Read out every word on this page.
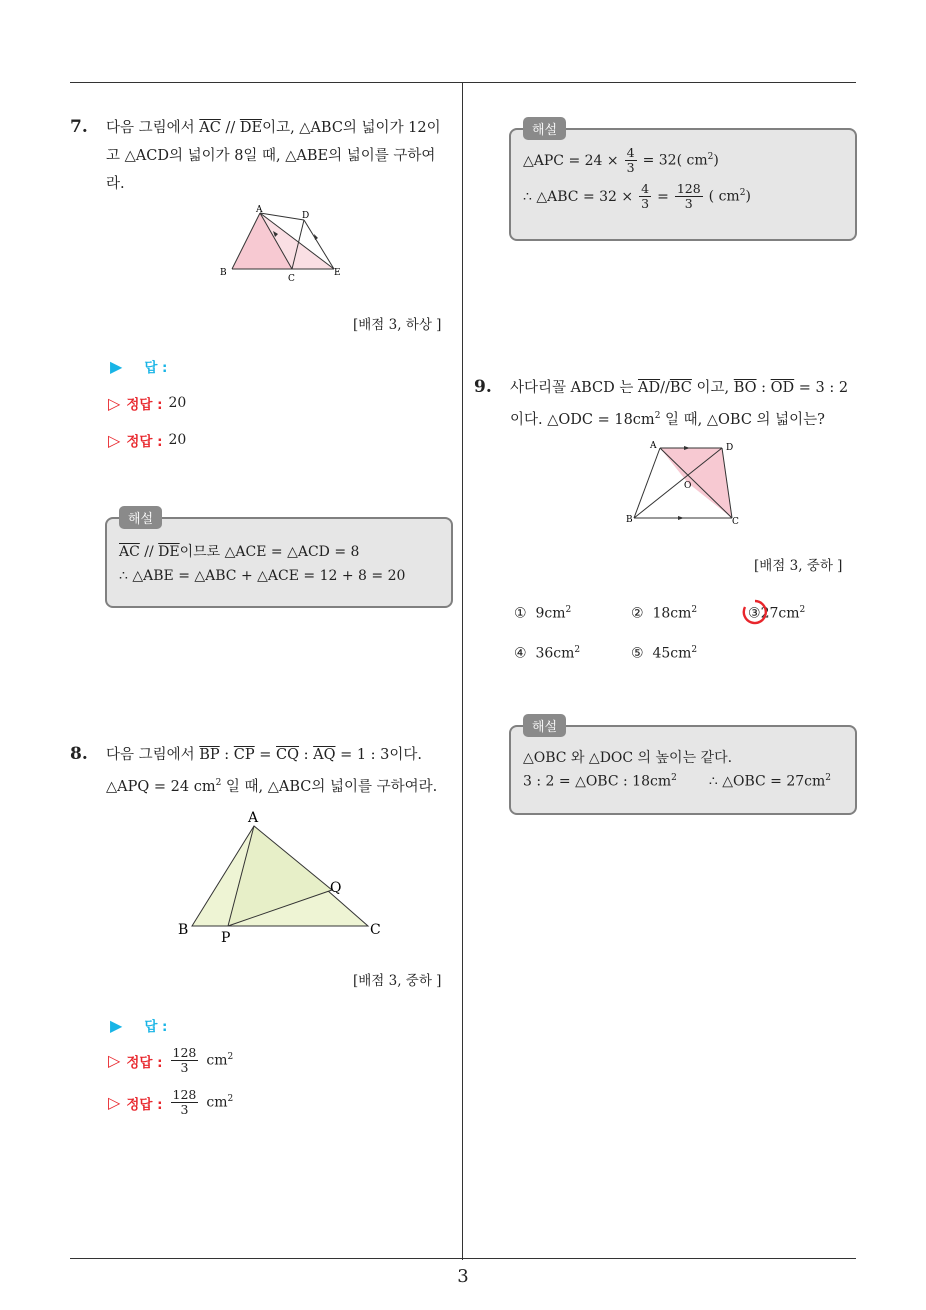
7. 다음 그림에서 $\overline{AC} // \overline{DE}$이고, △ABC의 넓이가 12이
고 △ACD의 넓이가 8일 때, △ABE의 넓이를 구하여
라.
A
B
C
D
E
[배점 3, 하상 ]
▶ 답 :
▷ 정답 : 20
▷ 정답 : 20
$\overline{AC} // \overline{DE}$이므로 △ACE = △ACD = 8
∴ △ABE = △ABC + △ACE = 12 + 8 = 20
해설
8. 다음 그림에서 $\overline{BP}$ : $\overline{CP} = \overline{CQ}$ : $\overline{AQ} = 1$ : 3이다.
△APQ = 24 $cm^2$ 일 때, △ABC의 넓이를 구하여라.
A
B	C
P
Q
[배점 3, 중하 ]
▶ 답 :
▷ 정답 : $\frac{128}{3} cm^2$
▷ 정답 : $\frac{128}{3} cm^2$
△APC = $24 \times \frac{4}{3} = 32$( $cm^2$)
∴ △ABC = $32 \times \frac{4}{3} = \frac{128}{3}$ ( $cm^2$)
해설
9. 사다리꼴 ABCD 는 $\overline{AD}//\overline{BC}$ 이고, $\overline{BO}$ : $\overline{OD} = 3$ : 2
이다. △ODC = $18cm^2$ 일 때, △OBC 의 넓이는?
A	D
B	C
O
[배점 3, 중하 ]
① $9cm^2$	② $18cm^2$	$③27cm^2$
④ $36cm^2$	⑤ $45cm^2$
△OBC 와 △DOC 의 높이는 같다.
3 : 2 = △OBC : $18cm^2$ ∴ △OBC = $27cm^2$
해설
3
